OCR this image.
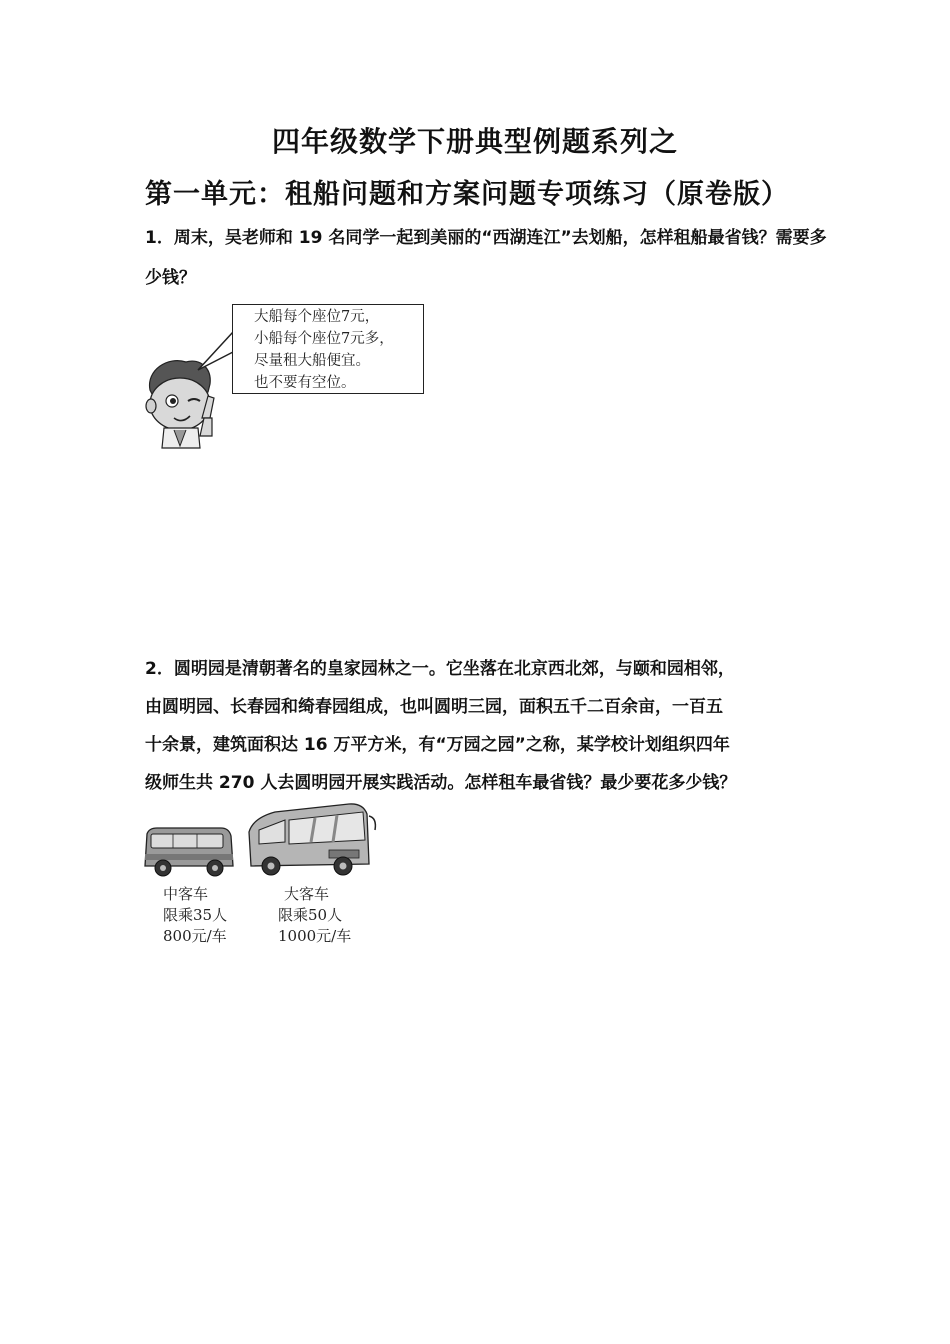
四年级数学下册典型例题系列之
第一单元：租船问题和方案问题专项练习（原卷版）
1．周末，吴老师和 19 名同学一起到美丽的“西湖连江”去划船，怎样租船最省钱？需要多少钱？
大船每个座位7元，
小船每个座位7元多，
尽量租大船便宜。
也不要有空位。
2．圆明园是清朝著名的皇家园林之一。它坐落在北京西北郊，与颐和园相邻，
由圆明园、长春园和绮春园组成，也叫圆明三园，面积五千二百余亩，一百五
十余景，建筑面积达 16 万平方米，有“万园之园”之称，某学校计划组织四年
级师生共 270 人去圆明园开展实践活动。怎样租车最省钱？最少要花多少钱？
中客车
限乘35人
800元/车
大客车
限乘50人
1000元/车
